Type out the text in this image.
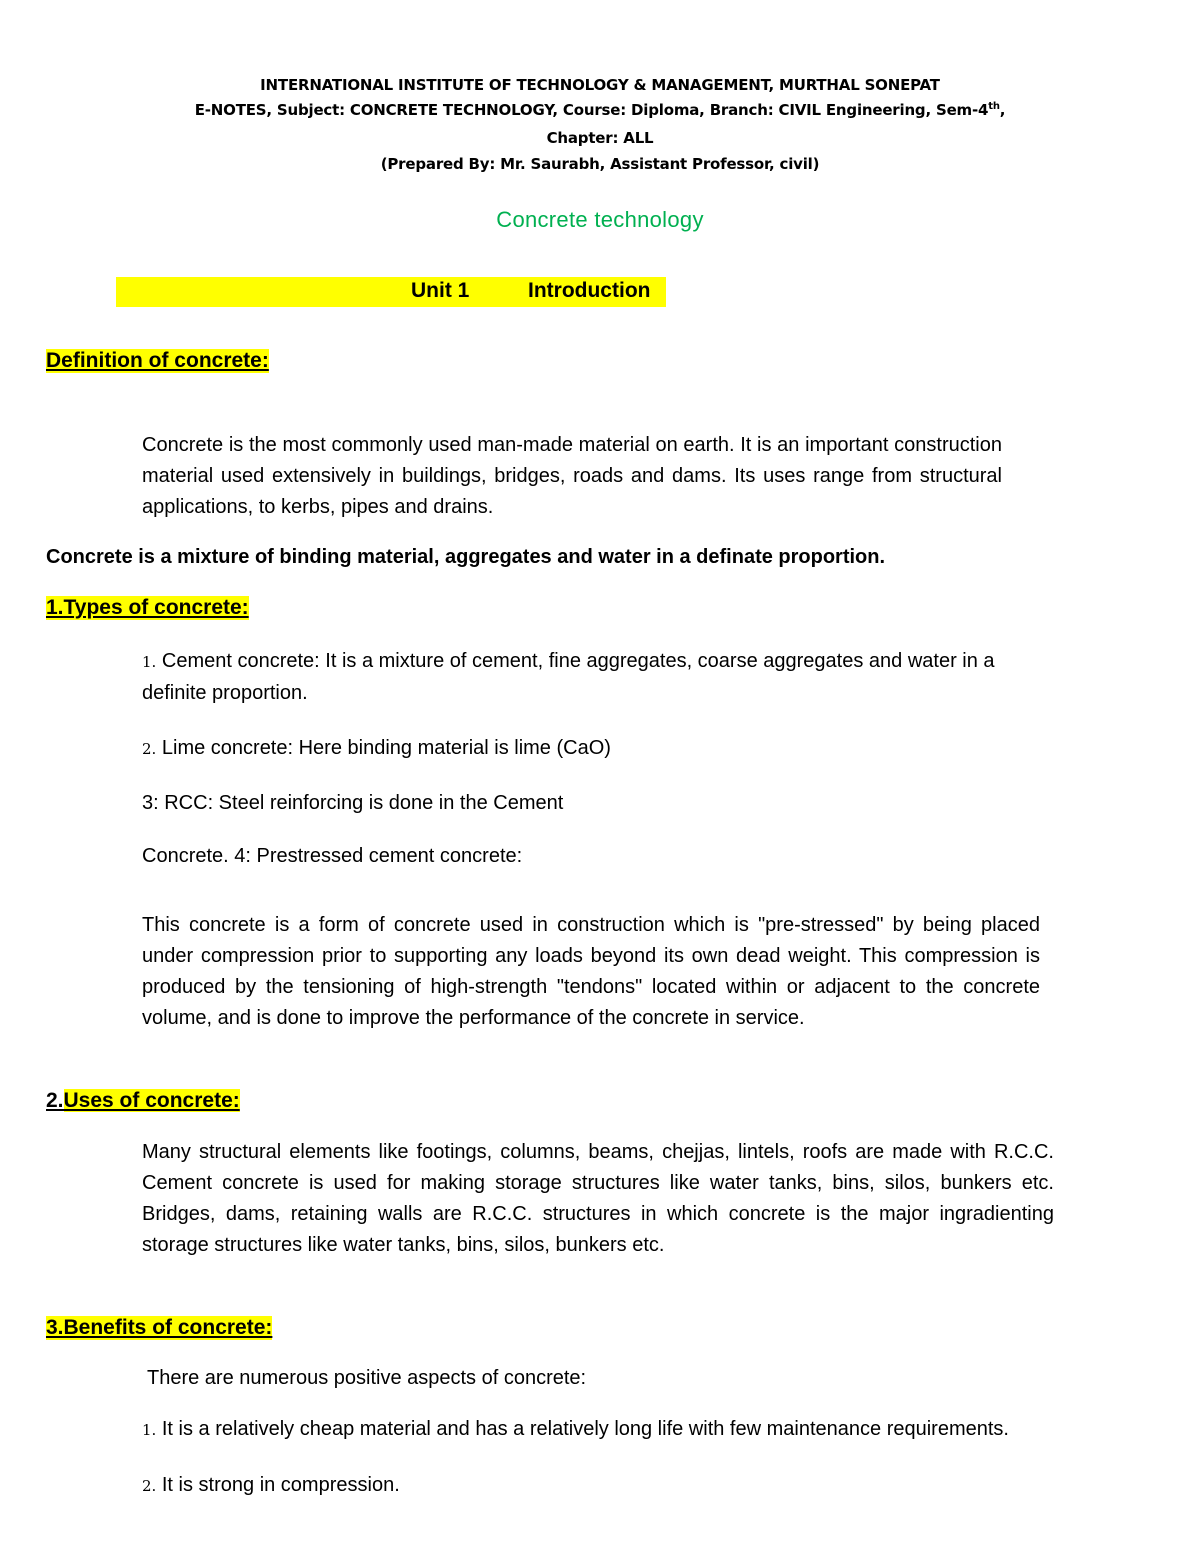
INTERNATIONAL INSTITUTE OF TECHNOLOGY & MANAGEMENT, MURTHAL SONEPAT
E-NOTES, Subject: CONCRETE TECHNOLOGY, Course: Diploma, Branch: CIVIL Engineering, Sem-4th,
Chapter: ALL
(Prepared By: Mr. Saurabh, Assistant Professor, civil)
Concrete technology
Unit 1	Introduction
Definition of concrete:
Concrete is the most commonly used man-made material on earth. It is an important construction material used extensively in buildings, bridges, roads and dams. Its uses range from structural applications, to kerbs, pipes and drains.
Concrete is a mixture of binding material, aggregates and water in a definate proportion.
1.Types of concrete:
1. Cement concrete: It is a mixture of cement, fine aggregates, coarse aggregates and water in a definite proportion.
2. Lime concrete: Here binding material is lime (CaO)
3: RCC: Steel reinforcing is done in the Cement
Concrete. 4: Prestressed cement concrete:
This concrete is a form of concrete used in construction which is "pre-stressed" by being placed under compression prior to supporting any loads beyond its own dead weight. This compression is produced by the tensioning of high-strength "tendons" located within or adjacent to the concrete volume, and is done to improve the performance of the concrete in service.
2.Uses of concrete:
Many structural elements like footings, columns, beams, chejjas, lintels, roofs are made with R.C.C. Cement concrete is used for making storage structures like water tanks, bins, silos, bunkers etc. Bridges, dams, retaining walls are R.C.C. structures in which concrete is the major ingradienting storage structures like water tanks, bins, silos, bunkers etc.
3.Benefits of concrete:
There are numerous positive aspects of concrete:
1. It is a relatively cheap material and has a relatively long life with few maintenance requirements.
2. It is strong in compression.
